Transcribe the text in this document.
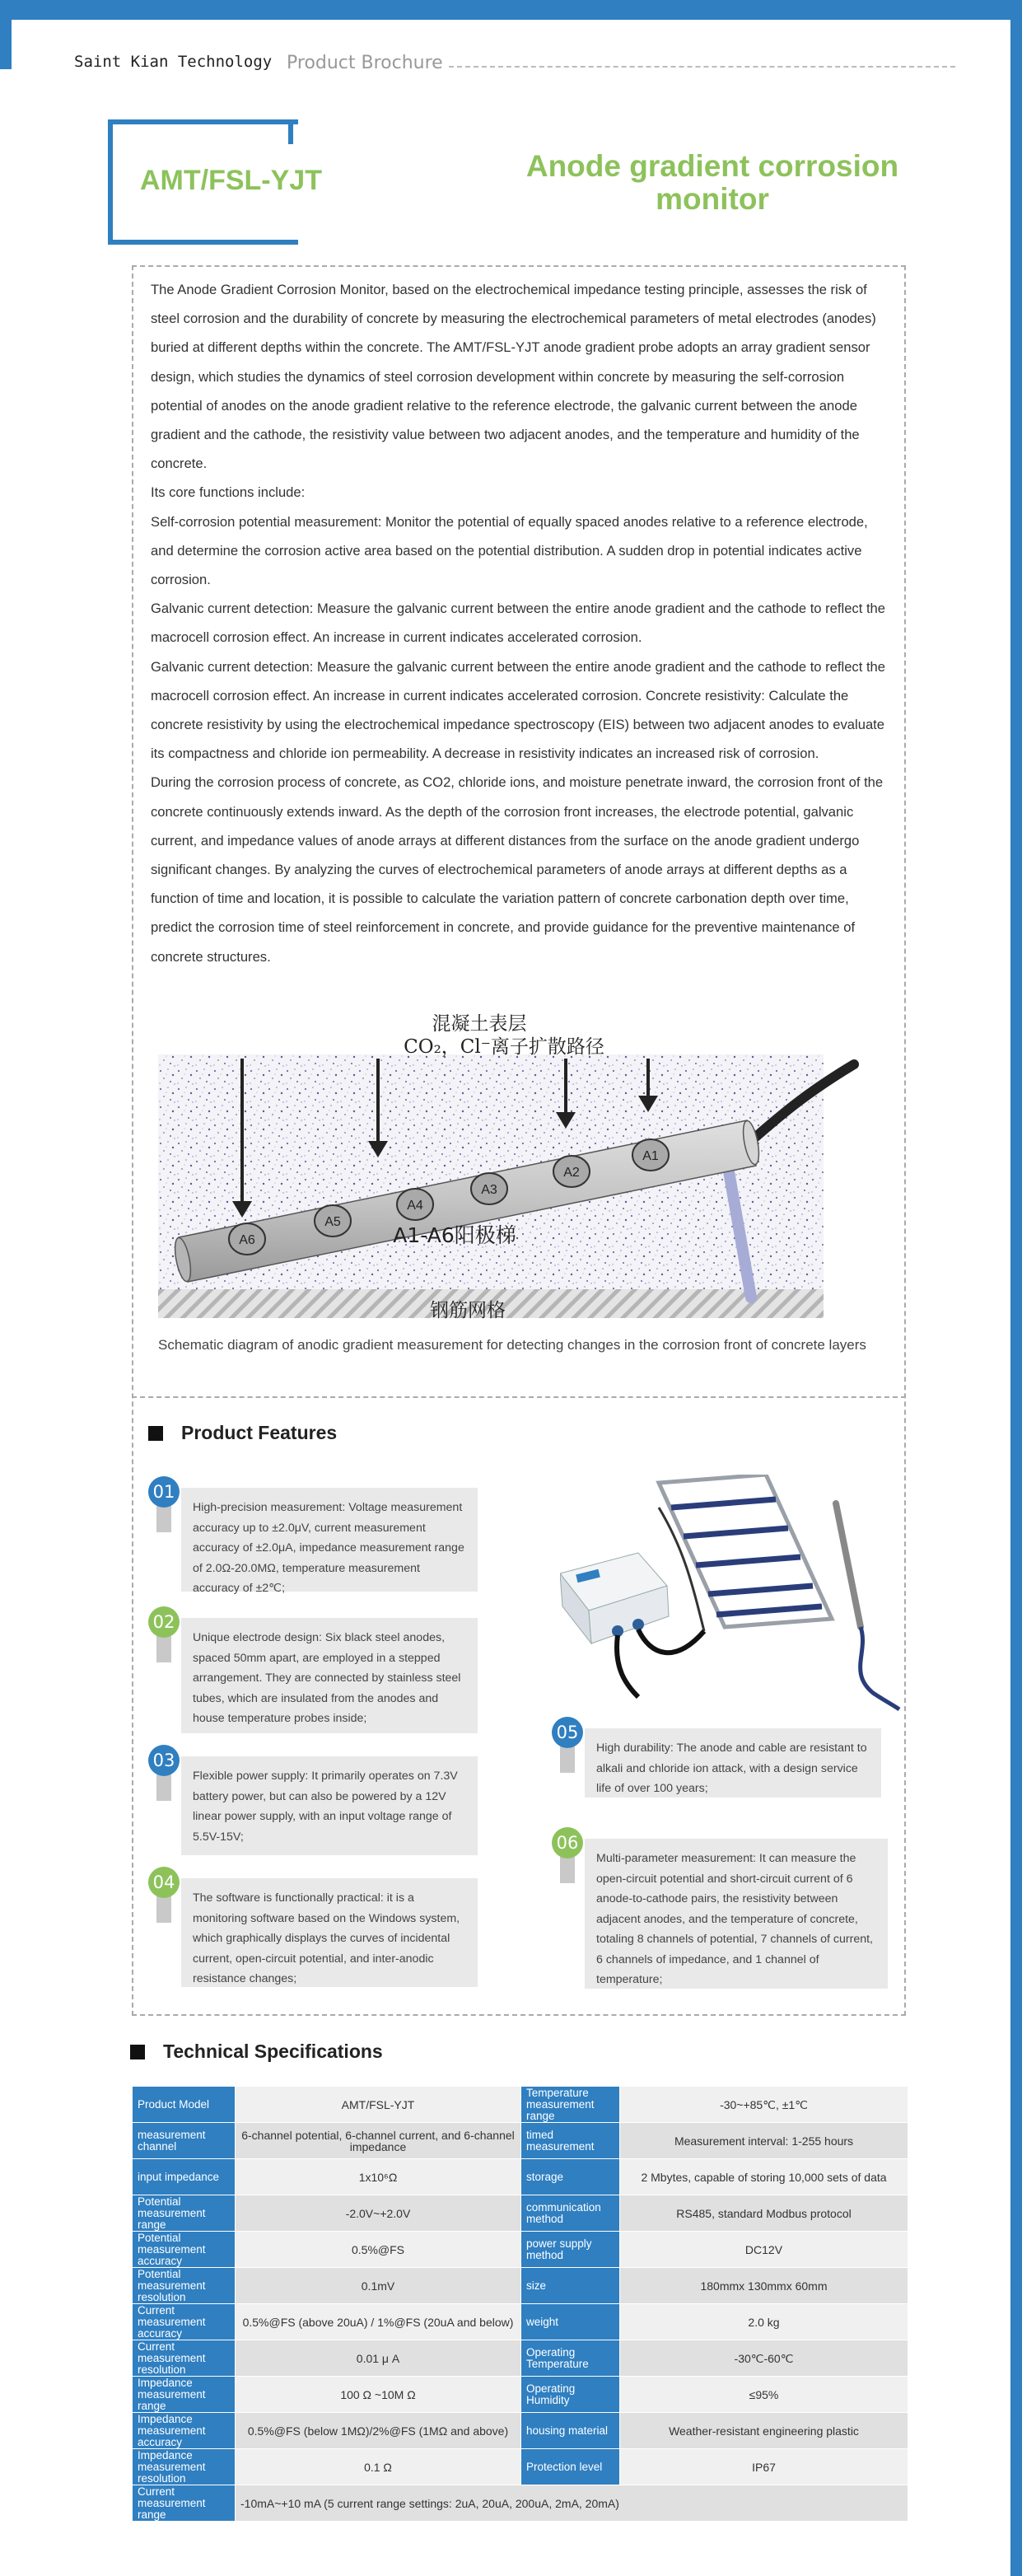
Saint Kian Technology Product Brochure
AMT/FSL-YJT	Anode gradient corrosion monitor

The Anode Gradient Corrosion Monitor, based on the electrochemical impedance testing principle, assesses the risk of steel corrosion and the durability of concrete by measuring the electrochemical parameters of metal electrodes (anodes) buried at different depths within the concrete. The AMT/FSL-YJT anode gradient probe adopts an array gradient sensor design, which studies the dynamics of steel corrosion development within concrete by measuring the self-corrosion potential of anodes on the anode gradient relative to the reference electrode, the galvanic current between the anode gradient and the cathode, the resistivity value between two adjacent anodes, and the temperature and humidity of the concrete.

Its core functions include:

Self-corrosion potential measurement: Monitor the potential of equally spaced anodes relative to a reference electrode, and determine the corrosion active area based on the potential distribution. A sudden drop in potential indicates active corrosion.

Galvanic current detection: Measure the galvanic current between the entire anode gradient and the cathode to reflect the macrocell corrosion effect. An increase in current indicates accelerated corrosion.

Galvanic current detection: Measure the galvanic current between the entire anode gradient and the cathode to reflect the macrocell corrosion effect. An increase in current indicates accelerated corrosion. Concrete resistivity: Calculate the concrete resistivity by using the electrochemical impedance spectroscopy (EIS) between two adjacent anodes to evaluate its compactness and chloride ion permeability. A decrease in resistivity indicates an increased risk of corrosion.

During the corrosion process of concrete, as CO2, chloride ions, and moisture penetrate inward, the corrosion front of the concrete continuously extends inward. As the depth of the corrosion front increases, the electrode potential, galvanic current, and impedance values of anode arrays at different distances from the surface on the anode gradient undergo significant changes. By analyzing the curves of electrochemical parameters of anode arrays at different depths as a function of time and location, it is possible to calculate the variation pattern of concrete carbonation depth over time, predict the corrosion time of steel reinforcement in concrete, and provide guidance for the preventive maintenance of concrete structures.

A1
A2
A3
A4
A5
A6
混凝土表层
CO₂，Cl⁻离子扩散路径
A1-A6阳极梯
钢筋网格
Schematic diagram of anodic gradient measurement for detecting changes in the corrosion front of concrete layers
Product Features
01
High-precision measurement: Voltage measurement accuracy up to ±2.0μV, current measurement accuracy of ±2.0μA, impedance measurement range of 2.0Ω-20.0MΩ, temperature measurement accuracy of ±2℃;
02
Unique electrode design: Six black steel anodes, spaced 50mm apart, are employed in a stepped arrangement. They are connected by stainless steel tubes, which are insulated from the anodes and house temperature probes inside;
03
Flexible power supply: It primarily operates on 7.3V battery power, but can also be powered by a 12V linear power supply, with an input voltage range of 5.5V-15V;
04
The software is functionally practical: it is a monitoring software based on the Windows system, which graphically displays the curves of incidental current, open-circuit potential, and inter-anodic resistance changes;
05
High durability: The anode and cable are resistant to alkali and chloride ion attack, with a design service life of over 100 years;
06
Multi-parameter measurement: It can measure the open-circuit potential and short-circuit current of 6 anode-to-cathode pairs, the resistivity between adjacent anodes, and the temperature of concrete, totaling 8 channels of potential, 7 channels of current, 6 channels of impedance, and 1 channel of temperature;
Technical Specifications
Product Model	AMT/FSL-YJT	Temperature measurement range	-30~+85℃, ±1℃
measurement channel	6-channel potential, 6-channel current, and 6-channel impedance	timed measurement	Measurement interval: 1-255 hours
input impedance	1x10⁶Ω	storage	2 Mbytes, capable of storing 10,000 sets of data
Potential measurement range	-2.0V~+2.0V	communication method	RS485, standard Modbus protocol
Potential measurement accuracy	0.5%@FS	power supply method	DC12V
Potential measurement resolution	0.1mV	size	180mmx 130mmx 60mm
Current measurement accuracy	0.5%@FS (above 20uA) / 1%@FS (20uA and below)	weight	2.0 kg
Current measurement resolution	0.01 μ A	Operating Temperature	-30℃-60℃
Impedance measurement range	100 Ω ~10M Ω	Operating Humidity	≤95%
Impedance measurement accuracy	0.5%@FS (below 1MΩ)/2%@FS (1MΩ and above)	housing material	Weather-resistant engineering plastic
Impedance measurement resolution	0.1 Ω	Protection level	IP67
Current measurement range	-10mA~+10 mA (5 current range settings: 2uA, 20uA, 200uA, 2mA, 20mA)		
